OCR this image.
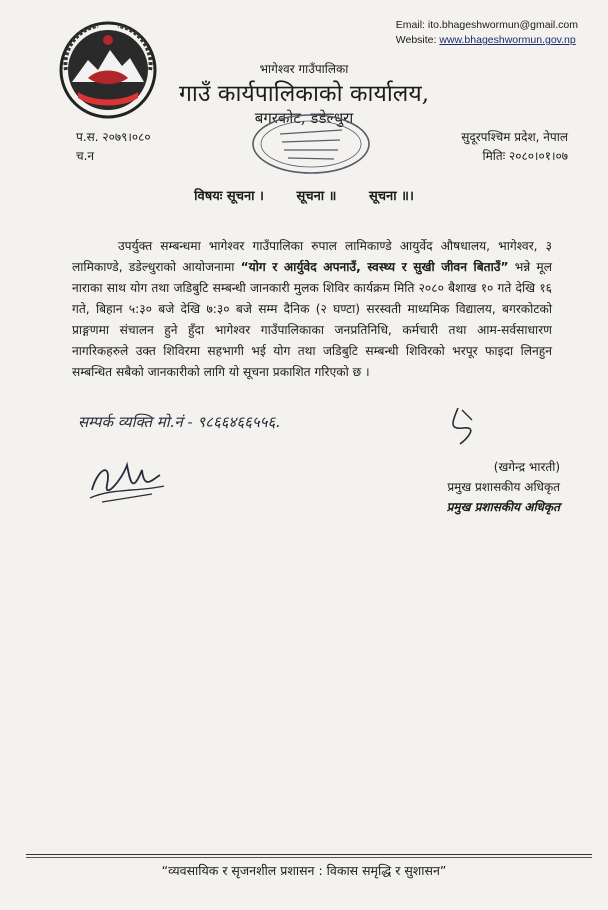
Email: ito.bhageshwormun@gmail.com
Website: www.bhageshwormun.gov.np
भागेश्वर गाउँपालिका
गाउँ कार्यपालिकाको कार्यालय,
बगरकोट, डडेल्धुरा
प.स. २०७९।०८०
च.न
सुदूरपश्चिम प्रदेश, नेपाल
मितिः २०८०।०१।०७
विषयः सूचना ।	सूचना ॥	सूचना ॥।
उपर्युक्त सम्बन्धमा भागेश्वर गाउँपालिका रुपाल लामिकाण्डे आयुर्वेद औषधालय, भागेश्वर, ३ लामिकाण्डे, डडेल्धुराको आयोजनामा “योग र आर्युवेद अपनाउँ, स्वस्थ्य र सुखी जीवन बिताउँ” भन्ने मूल नाराका साथ योग तथा जडिबुटि सम्बन्धी जानकारी मुलक शिविर कार्यक्रम मिति २०८० बैशाख १० गते देखि १६ गते, बिहान ५:३० बजे देखि ७:३० बजे सम्म दैनिक (२ घण्टा) सरस्वती माध्यमिक विद्यालय, बगरकोटको प्राङ्गणमा संचालन हुने हुँदा भागेश्वर गाउँपालिकाका जनप्रतिनिधि, कर्मचारी तथा आम-सर्वसाधारण नागरिकहरुले उक्त शिविरमा सहभागी भई योग तथा जडिबुटि सम्बन्धी शिविरको भरपूर फाइदा लिनहुन सम्बन्धित सबैको जानकारीको लागि यो सूचना प्रकाशित गरिएको छ ।
सम्पर्क व्यक्ति मो.नं - ९८६६४६६५५६.
(खगेन्द्र भारती)
प्रमुख प्रशासकीय अधिकृत
प्रमुख प्रशासकीय अधिकृत
“व्यवसायिक र सृजनशील प्रशासन : विकास समृद्धि र सुशासन”
